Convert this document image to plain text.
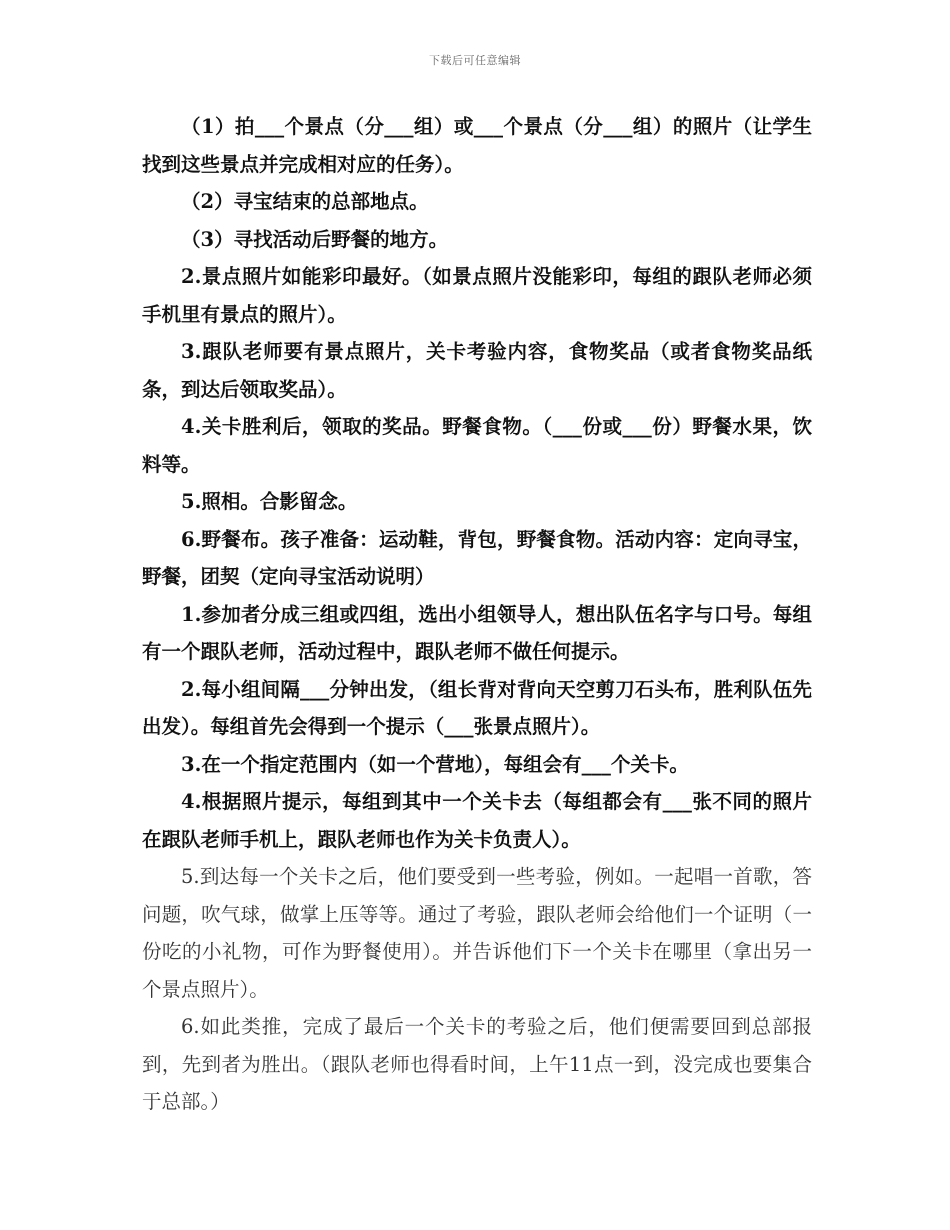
下载后可任意编辑

（1）拍___个景点（分___组）或___个景点（分___组）的照片（让学生找到这些景点并完成相对应的任务）。

（2）寻宝结束的总部地点。

（3）寻找活动后野餐的地方。

2.景点照片如能彩印最好。（如景点照片没能彩印，每组的跟队老师必须手机里有景点的照片）。

3.跟队老师要有景点照片，关卡考验内容，食物奖品（或者食物奖品纸条，到达后领取奖品）。

4.关卡胜利后，领取的奖品。野餐食物。（___份或___份）野餐水果，饮料等。

5.照相。合影留念。

6.野餐布。孩子准备：运动鞋，背包，野餐食物。活动内容：定向寻宝，野餐，团契（定向寻宝活动说明）

1.参加者分成三组或四组，选出小组领导人，想出队伍名字与口号。每组有一个跟队老师，活动过程中，跟队老师不做任何提示。

2.每小组间隔___分钟出发，（组长背对背向天空剪刀石头布，胜利队伍先出发）。每组首先会得到一个提示（___张景点照片）。

3.在一个指定范围内（如一个营地），每组会有___个关卡。

4.根据照片提示，每组到其中一个关卡去（每组都会有___张不同的照片在跟队老师手机上，跟队老师也作为关卡负责人）。

5.到达每一个关卡之后，他们要受到一些考验，例如。一起唱一首歌，答问题，吹气球，做掌上压等等。通过了考验，跟队老师会给他们一个证明（一份吃的小礼物，可作为野餐使用）。并告诉他们下一个关卡在哪里（拿出另一个景点照片）。

6.如此类推，完成了最后一个关卡的考验之后，他们便需要回到总部报到，先到者为胜出。（跟队老师也得看时间，上午11点一到，没完成也要集合于总部。）
